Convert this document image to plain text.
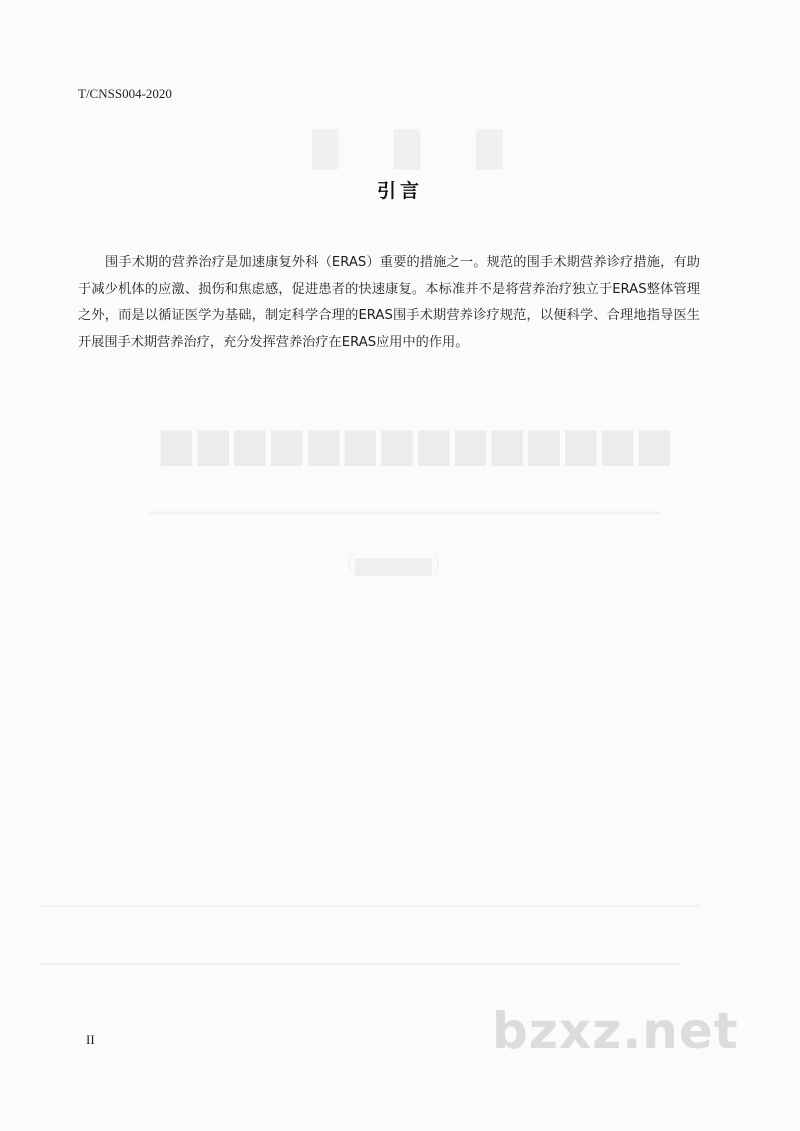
█ █ █
▆▆▆▆▆▆▆▆▆▆▆▆▆▆
▁▁▁▁▁▁▁▁▁▁▁▁▁▁▁▁▁▁▁▁▁▁▁▁▁▁▁▁▁▁▁▁▁▁▁▁▁▁▁
（▆▆▆▆▆）
T/CNSS004-2020
引言

围手术期的营养治疗是加速康复外科（ERAS）重要的措施之一。规范的围手术期营养诊疗措施，有助于减少机体的应激、损伤和焦虑感，促进患者的快速康复。本标准并不是将营养治疗独立于ERAS整体管理之外，而是以循证医学为基础，制定科学合理的ERAS围手术期营养诊疗规范，以便科学、合理地指导医生开展围手术期营养治疗，充分发挥营养治疗在ERAS应用中的作用。

II	bzxz.net
